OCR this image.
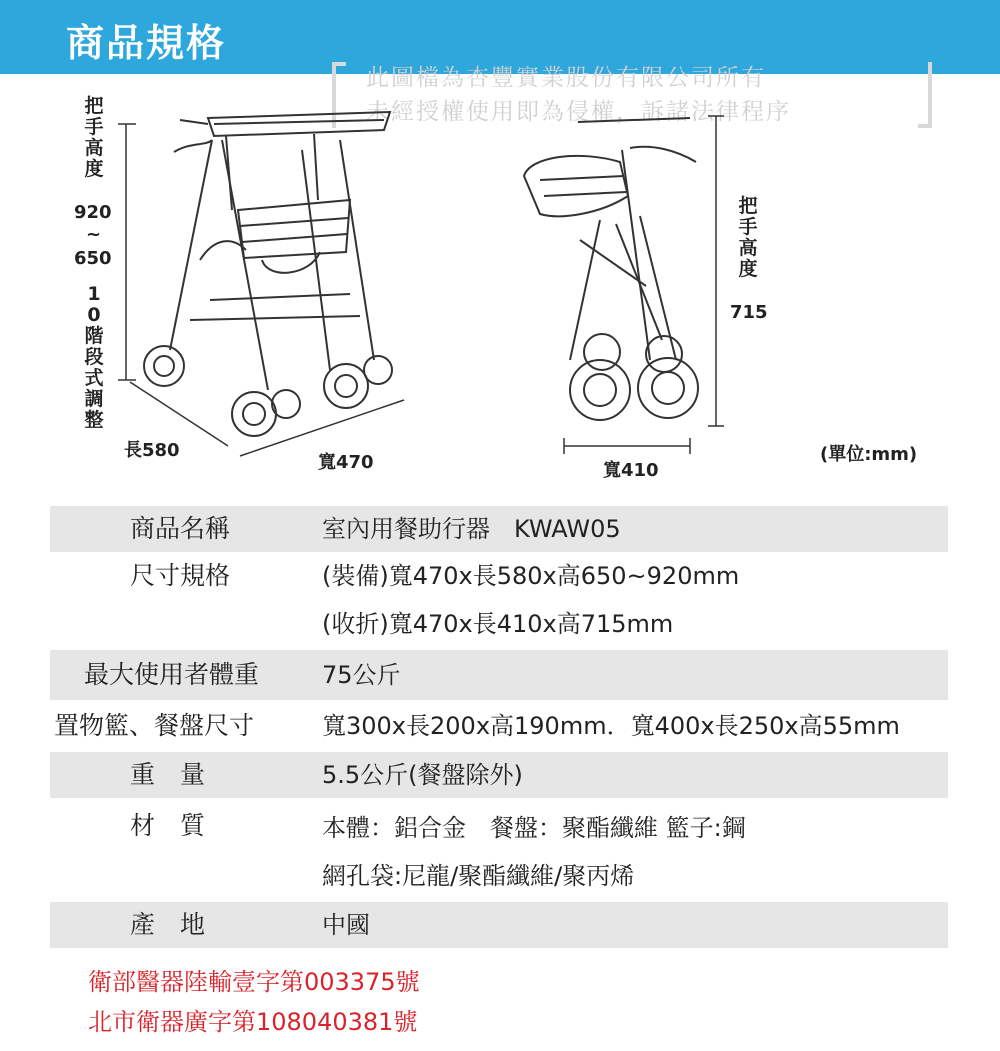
商品規格
此圖檔為杏豐實業股份有限公司所有
未經授權使用即為侵權，訴諸法律程序
把手高度
920
~
650
10階段式調整
長580
寬470
把手高度
715
寬410
(單位:mm)
商品名稱	室內用餐助行器　KWAW05
尺寸規格	(裝備)寬470x長580x高650~920mm
(收折)寬470x長410x高715mm
最大使用者體重	75公斤
置物籃、餐盤尺寸	寬300x長200x高190mm．寬400x長250x高55mm
重　量	5.5公斤(餐盤除外)
材　質	本體：鋁合金　餐盤：聚酯纖維 籃子:鋼
網孔袋:尼龍/聚酯纖維/聚丙烯
產　地	中國
衛部醫器陸輸壹字第003375號
北市衛器廣字第108040381號
